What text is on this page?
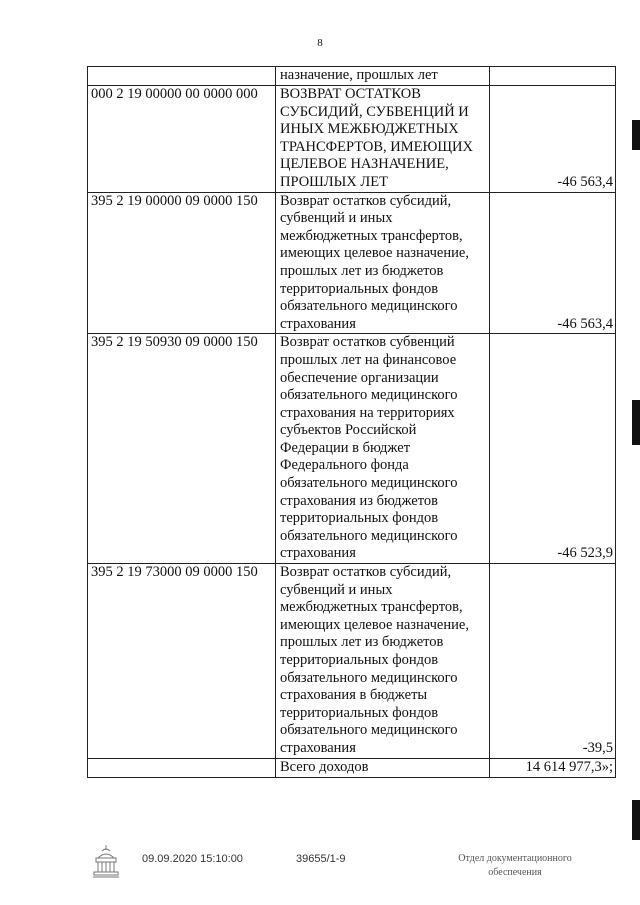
8
	назначение, прошлых лет	
000 2 19 00000 00 0000 000	ВОЗВРАТ ОСТАТКОВ СУБСИДИЙ, СУБВЕНЦИЙ И ИНЫХ МЕЖБЮДЖЕТНЫХ ТРАНСФЕРТОВ, ИМЕЮЩИХ ЦЕЛЕВОЕ НАЗНАЧЕНИЕ, ПРОШЛЫХ ЛЕТ	-46 563,4
395 2 19 00000 09 0000 150	Возврат остатков субсидий, субвенций и иных межбюджетных трансфертов, имеющих целевое назначение, прошлых лет из бюджетов территориальных фондов обязательного медицинского страхования	-46 563,4
395 2 19 50930 09 0000 150	Возврат остатков субвенций прошлых лет на финансовое обеспечение организации обязательного медицинского страхования на территориях субъектов Российской Федерации в бюджет Федерального фонда обязательного медицинского страхования из бюджетов территориальных фондов обязательного медицинского страхования	-46 523,9
395 2 19 73000 09 0000 150	Возврат остатков субсидий, субвенций и иных межбюджетных трансфертов, имеющих целевое назначение, прошлых лет из бюджетов территориальных фондов обязательного медицинского страхования в бюджеты территориальных фондов обязательного медицинского страхования	-39,5
	Всего доходов	14 614 977,3»;
09.09.2020 15:10:00	39655/1-9	Отдел документационного
обеспечения
